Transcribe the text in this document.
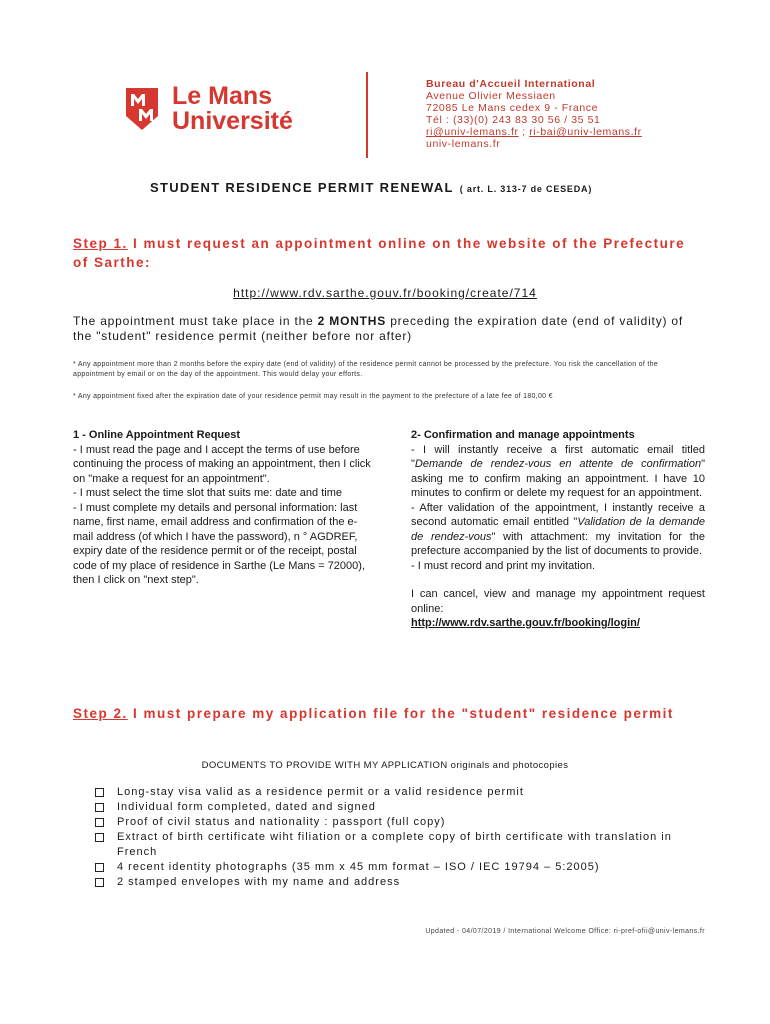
Le Mans
Université
Bureau d'Accueil International
Avenue Olivier Messiaen
72085 Le Mans cedex 9 - France
Tél : (33)(0) 243 83 30 56 / 35 51
ri@univ-lemans.fr ; ri-bai@univ-lemans.fr
univ-lemans.fr
STUDENT RESIDENCE PERMIT RENEWAL ( art. L. 313-7 de CESEDA)
Step 1. I must request an appointment online on the website of the Prefecture of Sarthe:
http://www.rdv.sarthe.gouv.fr/booking/create/714
The appointment must take place in the 2 MONTHS preceding the expiration date (end of validity) of the "student" residence permit (neither before nor after)
* Any appointment more than 2 months before the expiry date (end of validity) of the residence permit cannot be processed by the prefecture. You risk the cancellation of the appointment by email or on the day of the appointment. This would delay your efforts.
* Any appointment fixed after the expiration date of your residence permit may result in the payment to the prefecture of a late fee of 180,00 €
1 - Online Appointment Request

- I must read the page and I accept the terms of use before continuing the process of making an appointment, then I click on "make a request for an appointment".

- I must select the time slot that suits me: date and time

- I must complete my details and personal information: last name, first name, email address and confirmation of the e-mail address (of which I have the password), n ° AGDREF, expiry date of the residence permit or of the receipt, postal code of my place of residence in Sarthe (Le Mans = 72000), then I click on "next step".

2- Confirmation and manage appointments

- I will instantly receive a first automatic email titled "Demande de rendez-vous en attente de confirmation" asking me to confirm making an appointment. I have 10 minutes to confirm or delete my request for an appointment.

- After validation of the appointment, I instantly receive a second automatic email entitled "Validation de la demande de rendez-vous" with attachment: my invitation for the prefecture accompanied by the list of documents to provide.

- I must record and print my invitation.

I can cancel, view and manage my appointment request online:

http://www.rdv.sarthe.gouv.fr/booking/login/
Step 2. I must prepare my application file for the "student" residence permit
DOCUMENTS TO PROVIDE WITH MY APPLICATION originals and photocopies
Long-stay visa valid as a residence permit or a valid residence permit
Individual form completed, dated and signed
Proof of civil status and nationality : passport (full copy)
Extract of birth certificate wiht filiation or a complete copy of birth certificate with translation in French
4 recent identity photographs (35 mm x 45 mm format – ISO / IEC 19794 – 5:2005)
2 stamped envelopes with my name and address
Updated - 04/07/2019 / International Welcome Office: ri-pref-ofii@univ-lemans.fr
